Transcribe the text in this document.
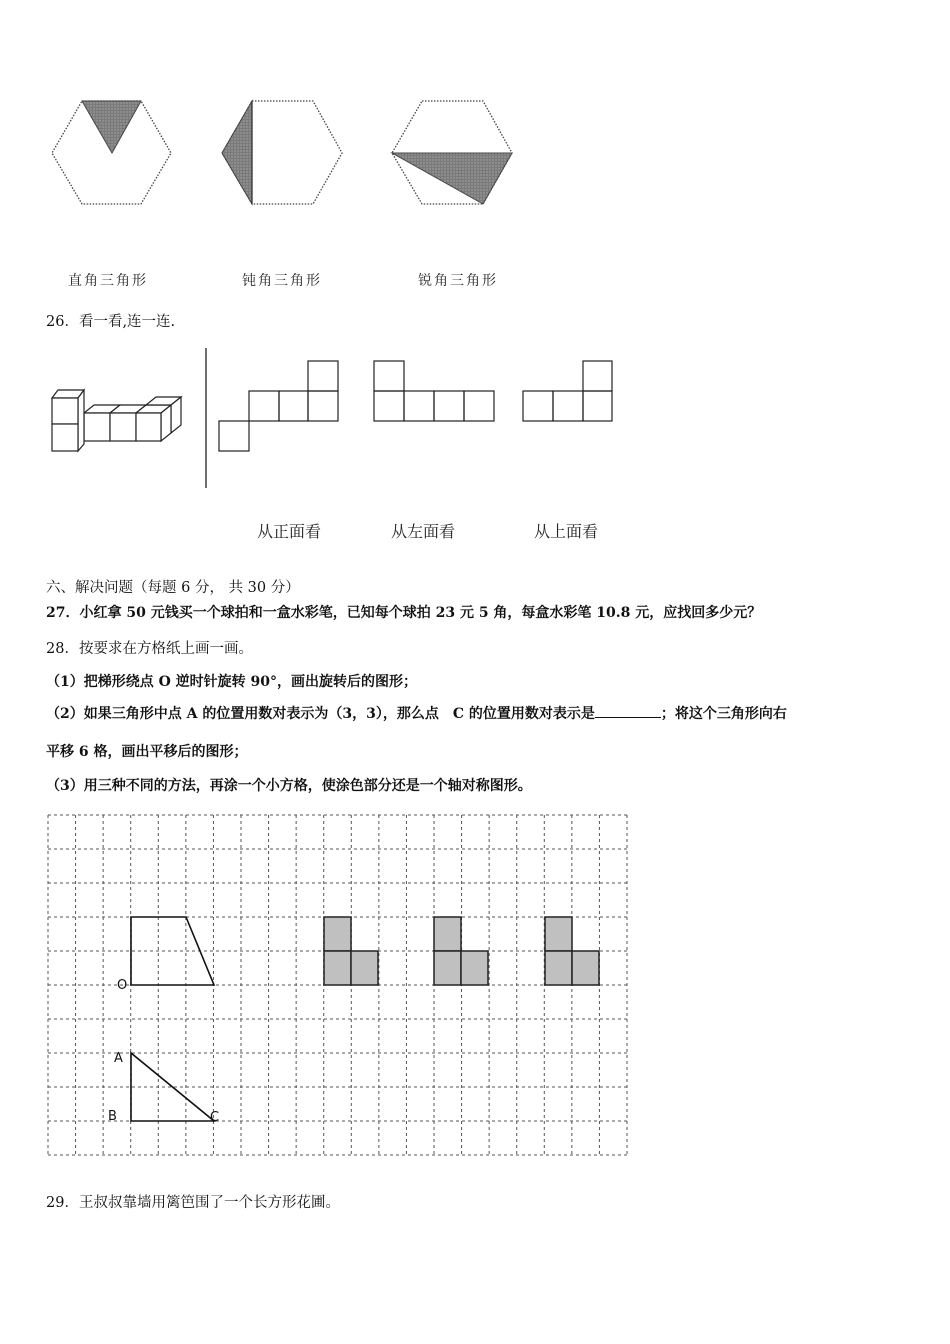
直角三角形	钝角三角形	锐角三角形
26．看一看,连一连.
从正面看	从左面看	从上面看
六、解决问题（每题 6 分， 共 30 分）
27．小红拿 50 元钱买一个球拍和一盒水彩笔，已知每个球拍 23 元 5 角，每盒水彩笔 10.8 元，应找回多少元？
28．按要求在方格纸上画一画。
（1）把梯形绕点 O 逆时针旋转 90°，画出旋转后的图形；
（2）如果三角形中点 A 的位置用数对表示为（3，3），那么点　C 的位置用数对表示是	；将这个三角形向右
平移 6 格，画出平移后的图形；
（3）用三种不同的方法，再涂一个小方格，使涂色部分还是一个轴对称图形。
O
A
B	C
29．王叔叔靠墙用篱笆围了一个长方形花圃。
